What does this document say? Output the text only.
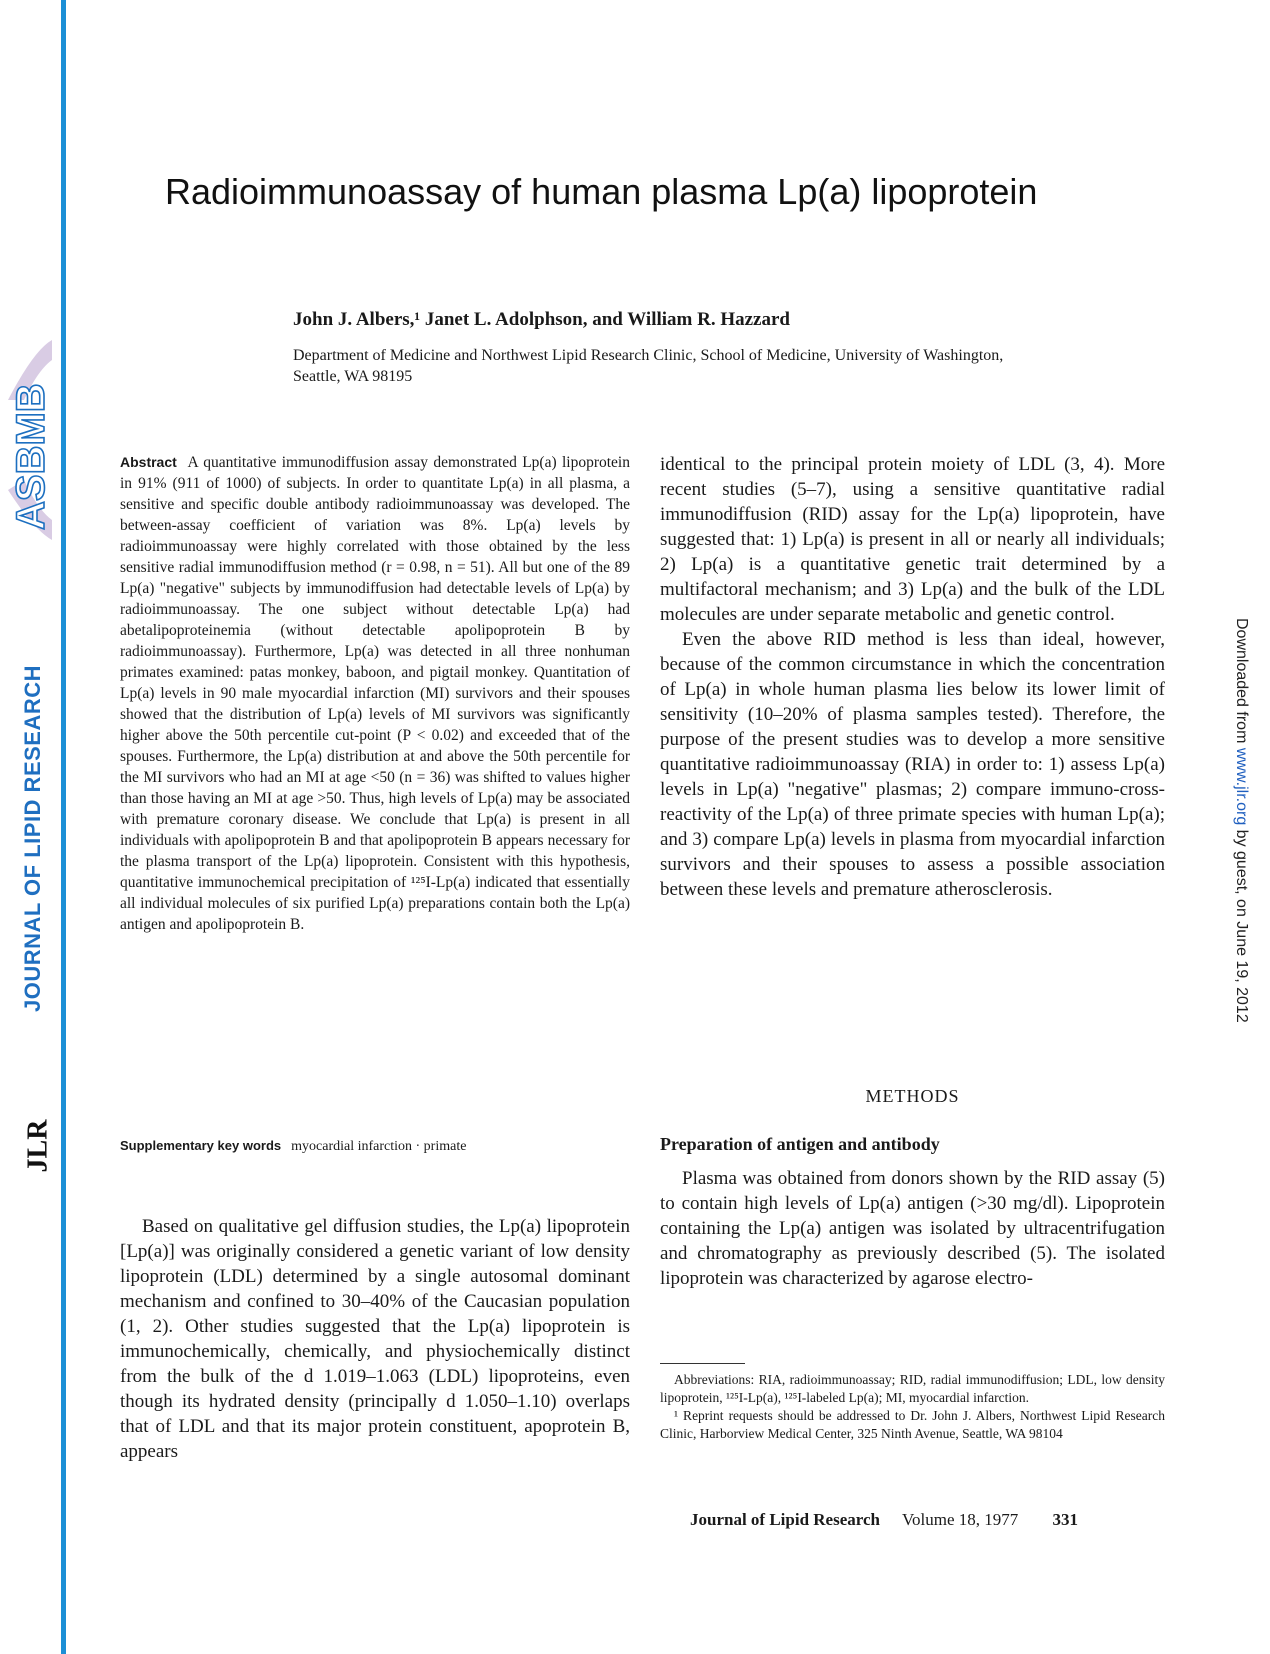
ASBMB
JOURNAL OF LIPID RESEARCH
JLR
Downloaded from www.jlr.org by guest, on June 19, 2012
Radioimmunoassay of human plasma Lp(a) lipoprotein
John J. Albers,¹ Janet L. Adolphson, and William R. Hazzard
Department of Medicine and Northwest Lipid Research Clinic, School of Medicine, University of Washington, Seattle, WA 98195

Abstract A quantitative immunodiffusion assay demonstrated Lp(a) lipoprotein in 91% (911 of 1000) of subjects. In order to quantitate Lp(a) in all plasma, a sensitive and specific double antibody radioimmunoassay was developed. The between-assay coefficient of variation was 8%. Lp(a) levels by radioimmunoassay were highly correlated with those obtained by the less sensitive radial immunodiffusion method (r = 0.98, n = 51). All but one of the 89 Lp(a) "negative" subjects by immunodiffusion had detectable levels of Lp(a) by radioimmunoassay. The one subject without detectable Lp(a) had abetalipoproteinemia (without detectable apolipoprotein B by radioimmunoassay). Furthermore, Lp(a) was detected in all three nonhuman primates examined: patas monkey, baboon, and pigtail monkey. Quantitation of Lp(a) levels in 90 male myocardial infarction (MI) survivors and their spouses showed that the distribution of Lp(a) levels of MI survivors was significantly higher above the 50th percentile cut-point (P < 0.02) and exceeded that of the spouses. Furthermore, the Lp(a) distribution at and above the 50th percentile for the MI survivors who had an MI at age <50 (n = 36) was shifted to values higher than those having an MI at age >50. Thus, high levels of Lp(a) may be associated with premature coronary disease. We conclude that Lp(a) is present in all individuals with apolipoprotein B and that apolipoprotein B appears necessary for the plasma transport of the Lp(a) lipoprotein. Consistent with this hypothesis, quantitative immunochemical precipitation of ¹²⁵I-Lp(a) indicated that essentially all individual molecules of six purified Lp(a) preparations contain both the Lp(a) antigen and apolipoprotein B.

Supplementary key words myocardial infarction · primate

Based on qualitative gel diffusion studies, the Lp(a) lipoprotein [Lp(a)] was originally considered a genetic variant of low density lipoprotein (LDL) determined by a single autosomal dominant mechanism and confined to 30–40% of the Caucasian population (1, 2). Other studies suggested that the Lp(a) lipoprotein is immunochemically, chemically, and physiochemically distinct from the bulk of the d 1.019–1.063 (LDL) lipoproteins, even though its hydrated density (principally d 1.050–1.10) overlaps that of LDL and that its major protein constituent, apoprotein B, appears

identical to the principal protein moiety of LDL (3, 4). More recent studies (5–7), using a sensitive quantitative radial immunodiffusion (RID) assay for the Lp(a) lipoprotein, have suggested that: 1) Lp(a) is present in all or nearly all individuals; 2) Lp(a) is a quantitative genetic trait determined by a multifactoral mechanism; and 3) Lp(a) and the bulk of the LDL molecules are under separate metabolic and genetic control.

Even the above RID method is less than ideal, however, because of the common circumstance in which the concentration of Lp(a) in whole human plasma lies below its lower limit of sensitivity (10–20% of plasma samples tested). Therefore, the purpose of the present studies was to develop a more sensitive quantitative radioimmunoassay (RIA) in order to: 1) assess Lp(a) levels in Lp(a) "negative" plasmas; 2) compare immuno-cross-reactivity of the Lp(a) of three primate species with human Lp(a); and 3) compare Lp(a) levels in plasma from myocardial infarction survivors and their spouses to assess a possible association between these levels and premature atherosclerosis.

METHODS
Preparation of antigen and antibody

Plasma was obtained from donors shown by the RID assay (5) to contain high levels of Lp(a) antigen (>30 mg/dl). Lipoprotein containing the Lp(a) antigen was isolated by ultracentrifugation and chromatography as previously described (5). The isolated lipoprotein was characterized by agarose electro-

Abbreviations: RIA, radioimmunoassay; RID, radial immunodiffusion; LDL, low density lipoprotein, ¹²⁵I-Lp(a), ¹²⁵I-labeled Lp(a); MI, myocardial infarction.

¹ Reprint requests should be addressed to Dr. John J. Albers, Northwest Lipid Research Clinic, Harborview Medical Center, 325 Ninth Avenue, Seattle, WA 98104

Journal of Lipid Research Volume 18, 1977 331
